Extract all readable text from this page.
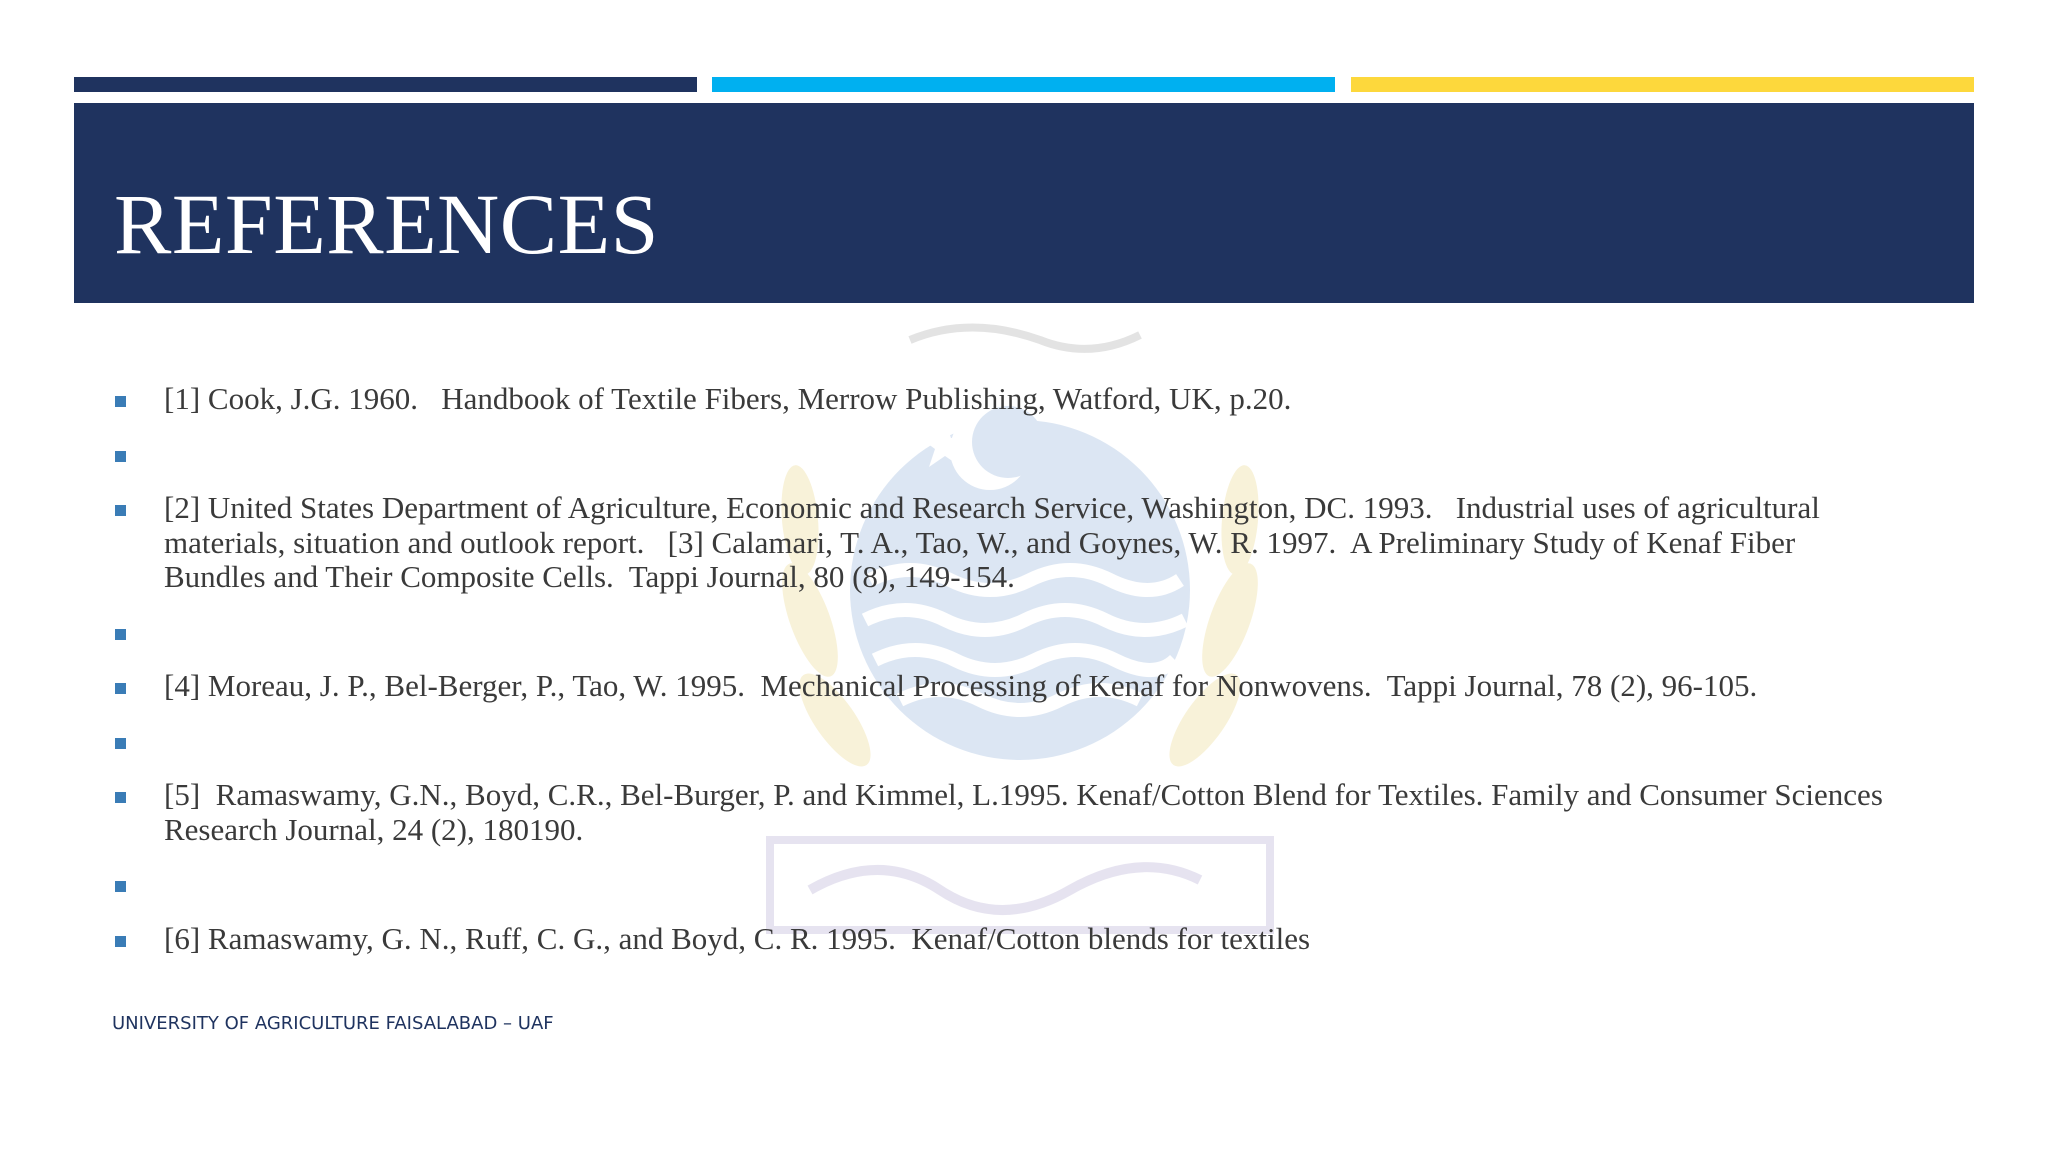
REFERENCES
[1] Cook, J.G. 1960.   Handbook of Textile Fibers, Merrow Publishing, Watford, UK, p.20.
[2] United States Department of Agriculture, Economic and Research Service, Washington, DC. 1993.   Industrial uses of agricultural materials, situation and outlook report.   [3] Calamari, T. A., Tao, W., and Goynes, W. R. 1997.  A Preliminary Study of Kenaf Fiber Bundles and Their Composite Cells.  Tappi Journal, 80 (8), 149-154.
[4] Moreau, J. P., Bel-Berger, P., Tao, W. 1995.  Mechanical Processing of Kenaf for Nonwovens.  Tappi Journal, 78 (2), 96-105.
[5]  Ramaswamy, G.N., Boyd, C.R., Bel-Burger, P. and Kimmel, L.1995. Kenaf/Cotton Blend for Textiles. Family and Consumer Sciences Research Journal, 24 (2), 180190.
[6] Ramaswamy, G. N., Ruff, C. G., and Boyd, C. R. 1995.  Kenaf/Cotton blends for textiles
UNIVERSITY OF AGRICULTURE FAISALABAD – UAF
